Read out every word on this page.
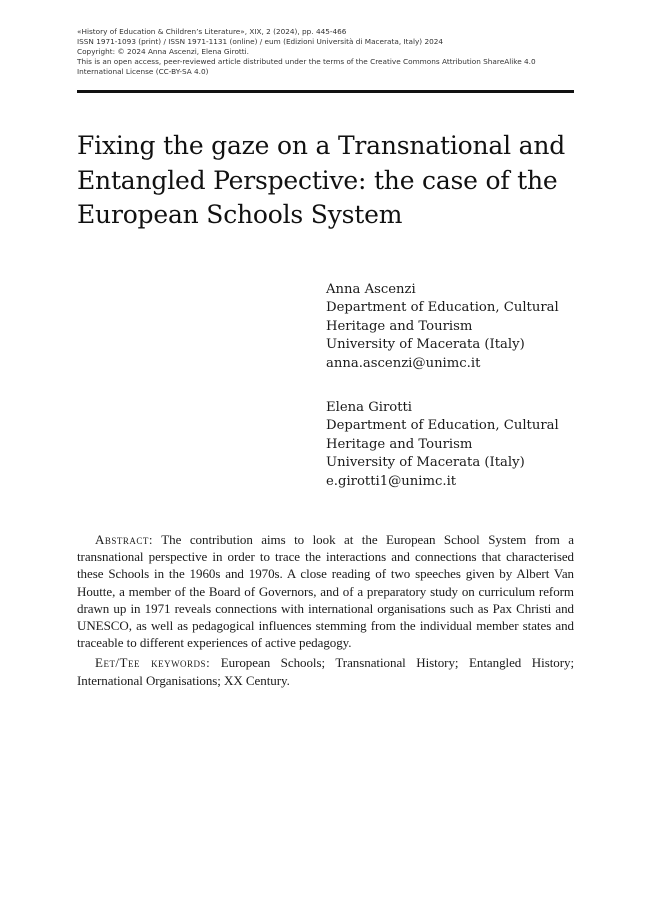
«History of Education & Children’s Literature», XIX, 2 (2024), pp. 445-466
ISSN 1971-1093 (print) / ISSN 1971-1131 (online) / eum (Edizioni Università di Macerata, Italy) 2024
Copyright: © 2024 Anna Ascenzi, Elena Girotti.
This is an open access, peer-reviewed article distributed under the terms of the Creative Commons Attribution ShareAlike 4.0 International License (CC-BY-SA 4.0)
Fixing the gaze on a Transnational and
Entangled Perspective: the case of the
European Schools System
Anna Ascenzi
Department of Education, Cultural
Heritage and Tourism
University of Macerata (Italy)
anna.ascenzi@unimc.it
Elena Girotti
Department of Education, Cultural
Heritage and Tourism
University of Macerata (Italy)
e.girotti1@unimc.it

Abstract: The contribution aims to look at the European School System from a transnational perspective in order to trace the interactions and connections that characterised these Schools in the 1960s and 1970s. A close reading of two speeches given by Albert Van Houtte, a member of the Board of Governors, and of a preparatory study on curriculum reform drawn up in 1971 reveals connections with international organisations such as Pax Christi and UNESCO, as well as pedagogical influences stemming from the individual member states and traceable to different experiences of active pedagogy.

Eet/Tee keywords: European Schools; Transnational History; Entangled History; International Organisations; XX Century.
